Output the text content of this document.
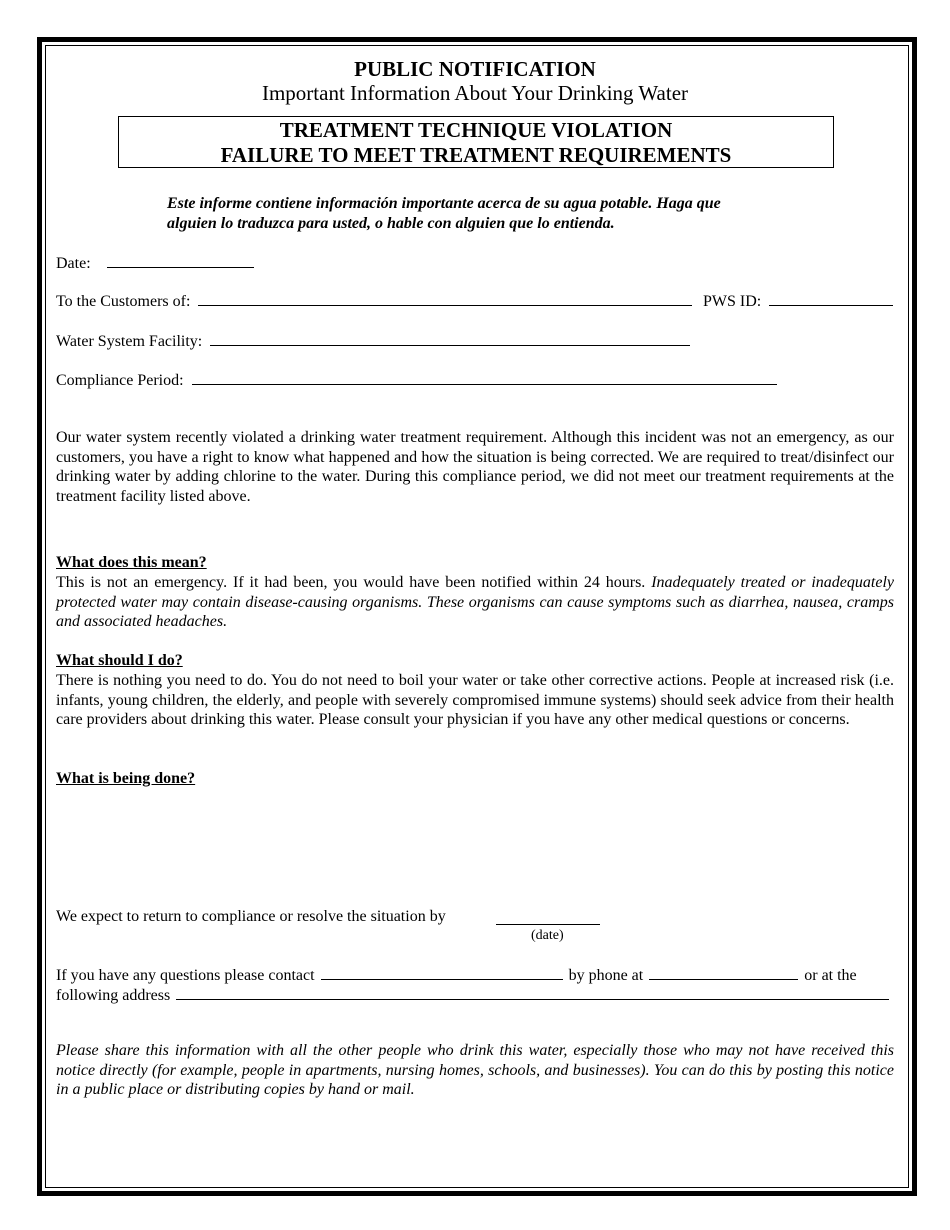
PUBLIC NOTIFICATION
Important Information About Your Drinking Water
TREATMENT TECHNIQUE VIOLATION
FAILURE TO MEET TREATMENT REQUIREMENTS
Este informe contiene información importante acerca de su agua potable. Haga que
alguien lo traduzca para usted, o hable con alguien que lo entienda.
Date:
To the Customers of:	PWS ID:
Water System Facility:
Compliance Period:
Our water system recently violated a drinking water treatment requirement. Although this incident was not an emergency, as our customers, you have a right to know what happened and how the situation is being corrected. We are required to treat/disinfect our drinking water by adding chlorine to the water. During this compliance period, we did not meet our treatment requirements at the treatment facility listed above.
What does this mean?
This is not an emergency. If it had been, you would have been notified within 24 hours. Inadequately treated or inadequately protected water may contain disease-causing organisms. These organisms can cause symptoms such as diarrhea, nausea, cramps and associated headaches.
What should I do?
There is nothing you need to do. You do not need to boil your water or take other corrective actions. People at increased risk (i.e. infants, young children, the elderly, and people with severely compromised immune systems) should seek advice from their health care providers about drinking this water. Please consult your physician if you have any other medical questions or concerns.
What is being done?
We expect to return to compliance or resolve the situation by
(date)
If you have any questions please contact	by phone at	or at the
following address
Please share this information with all the other people who drink this water, especially those who may not have received this notice directly (for example, people in apartments, nursing homes, schools, and businesses). You can do this by posting this notice in a public place or distributing copies by hand or mail.
